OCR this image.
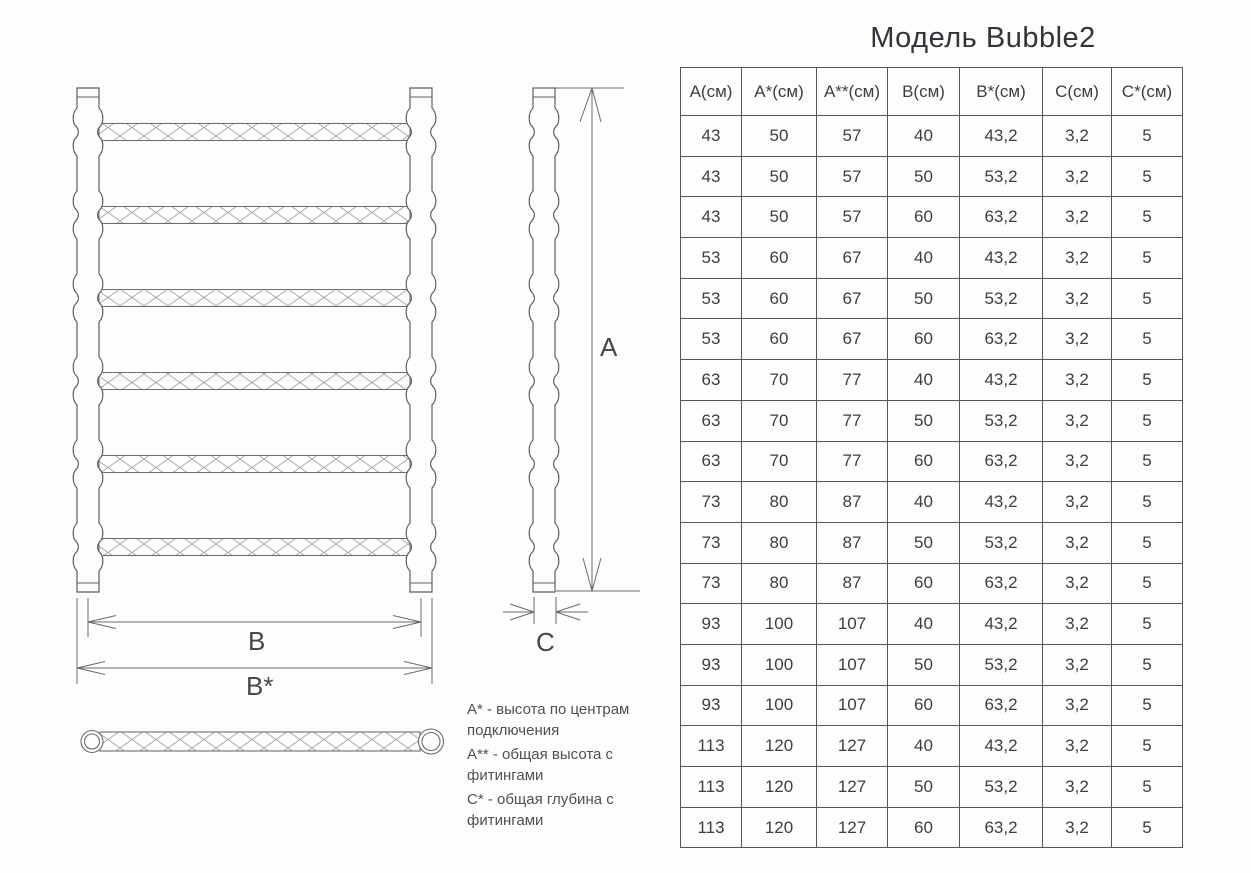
B
B*
A
C

А* - высота по центрам подключения

А** - общая высота с фитингами

С* - общая глубина с фитингами

Модель Bubble2
А(см)	А*(см)	А**(см)	В(см)	В*(см)	С(см)	С*(см)
43	50	57	40	43,2	3,2	5
43	50	57	50	53,2	3,2	5
43	50	57	60	63,2	3,2	5
53	60	67	40	43,2	3,2	5
53	60	67	50	53,2	3,2	5
53	60	67	60	63,2	3,2	5
63	70	77	40	43,2	3,2	5
63	70	77	50	53,2	3,2	5
63	70	77	60	63,2	3,2	5
73	80	87	40	43,2	3,2	5
73	80	87	50	53,2	3,2	5
73	80	87	60	63,2	3,2	5
93	100	107	40	43,2	3,2	5
93	100	107	50	53,2	3,2	5
93	100	107	60	63,2	3,2	5
113	120	127	40	43,2	3,2	5
113	120	127	50	53,2	3,2	5
113	120	127	60	63,2	3,2	5
